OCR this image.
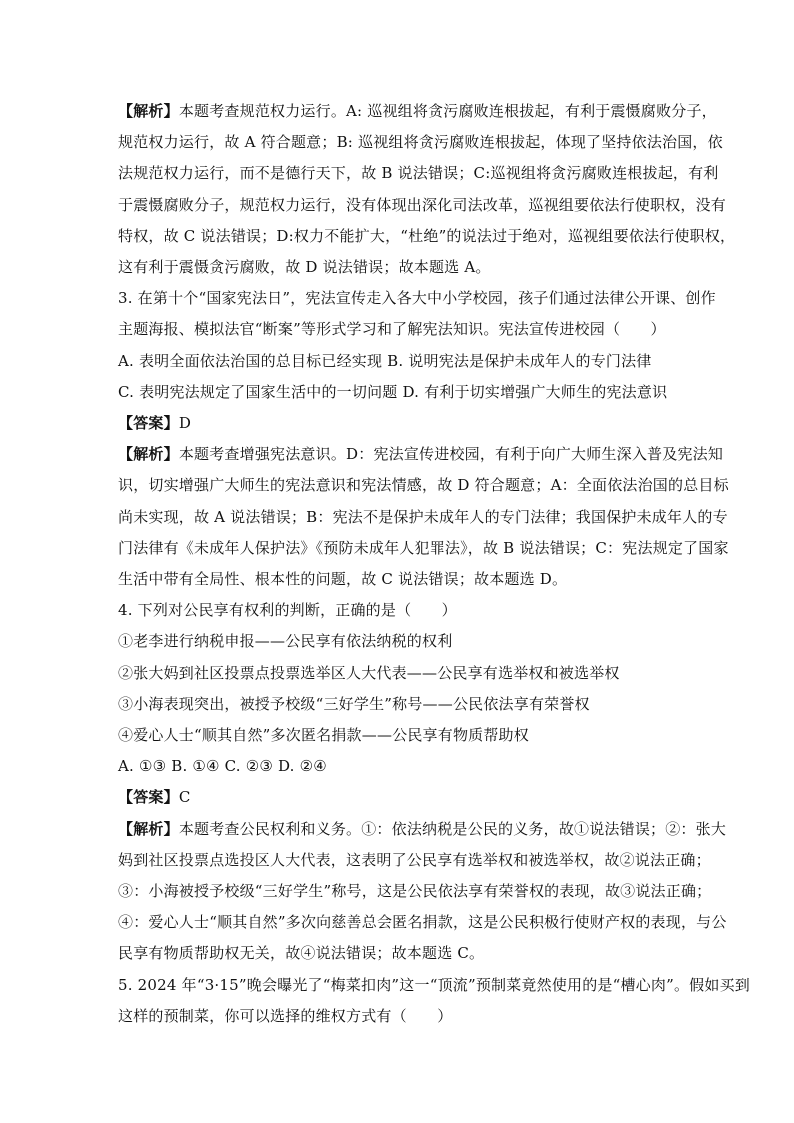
【解析】本题考查规范权力运行。A: 巡视组将贪污腐败连根拔起，有利于震慑腐败分子，
规范权力运行，故 A 符合题意；B: 巡视组将贪污腐败连根拔起，体现了坚持依法治国，依
法规范权力运行，而不是德行天下，故 B 说法错误；C:巡视组将贪污腐败连根拔起，有利
于震慑腐败分子，规范权力运行，没有体现出深化司法改革，巡视组要依法行使职权，没有
特权，故 C 说法错误；D:权力不能扩大，“杜绝”的说法过于绝对，巡视组要依法行使职权，
这有利于震慑贪污腐败，故 D 说法错误；故本题选 A。
3. 在第十个“国家宪法日”，宪法宣传走入各大中小学校园，孩子们通过法律公开课、创作
主题海报、模拟法官“断案”等形式学习和了解宪法知识。宪法宣传进校园（　　）
A. 表明全面依法治国的总目标已经实现 B. 说明宪法是保护未成年人的专门法律
C. 表明宪法规定了国家生活中的一切问题 D. 有利于切实增强广大师生的宪法意识
【答案】D
【解析】本题考查增强宪法意识。D：宪法宣传进校园，有利于向广大师生深入普及宪法知
识，切实增强广大师生的宪法意识和宪法情感，故 D 符合题意；A：全面依法治国的总目标
尚未实现，故 A 说法错误；B：宪法不是保护未成年人的专门法律；我国保护未成年人的专
门法律有《未成年人保护法》《预防未成年人犯罪法》，故 B 说法错误；C：宪法规定了国家
生活中带有全局性、根本性的问题，故 C 说法错误；故本题选 D。
4. 下列对公民享有权利的判断，正确的是（　　）
①老李进行纳税申报——公民享有依法纳税的权利
②张大妈到社区投票点投票选举区人大代表——公民享有选举权和被选举权
③小海表现突出，被授予校级“三好学生”称号——公民依法享有荣誉权
④爱心人士“顺其自然”多次匿名捐款——公民享有物质帮助权
A. ①③ B. ①④ C. ②③ D. ②④
【答案】C
【解析】本题考查公民权利和义务。①：依法纳税是公民的义务，故①说法错误；②：张大
妈到社区投票点选投区人大代表，这表明了公民享有选举权和被选举权，故②说法正确；
③：小海被授予校级“三好学生”称号，这是公民依法享有荣誉权的表现，故③说法正确；
④：爱心人士“顺其自然”多次向慈善总会匿名捐款，这是公民积极行使财产权的表现，与公
民享有物质帮助权无关，故④说法错误；故本题选 C。
5. 2024 年“3·15”晚会曝光了“梅菜扣肉”这一“顶流”预制菜竟然使用的是“槽心肉”。假如买到
这样的预制菜，你可以选择的维权方式有（　　）
